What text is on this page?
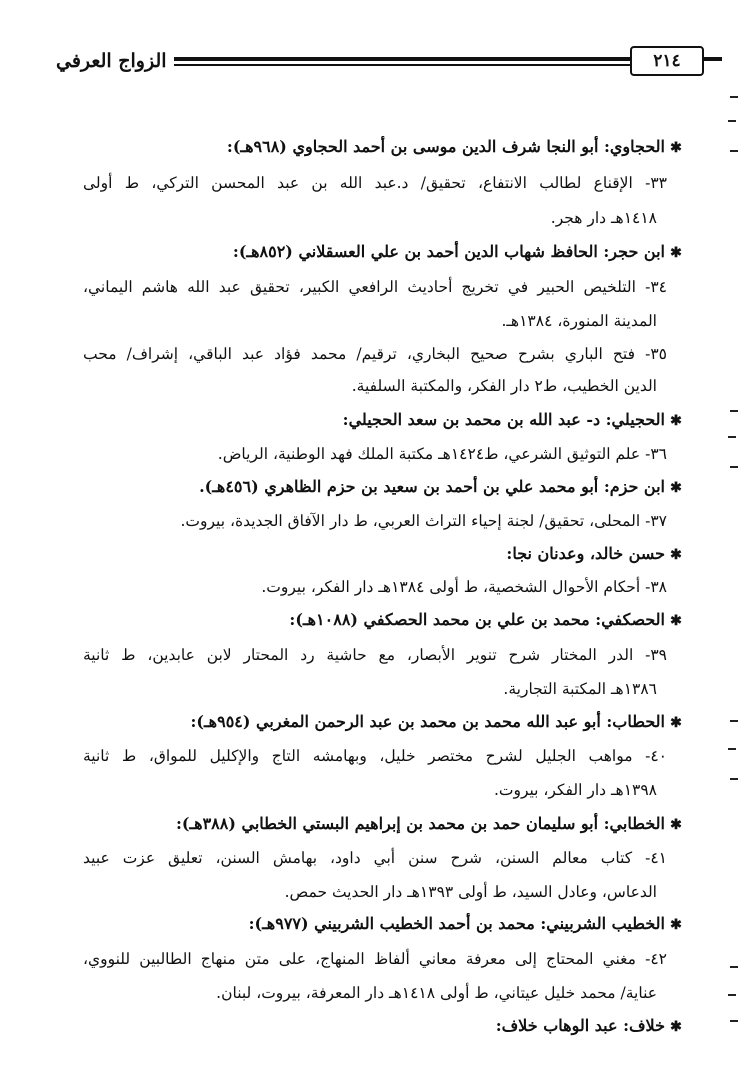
الزواج العرفي	٢١٤
✱الحجاوي: أبو النجا شرف الدين موسى بن أحمد الحجاوي (٩٦٨هـ):
٣٣- الإقناع لطالب الانتفاع، تحقيق/ د.عبد الله بن عبد المحسن التركي، ط أولى
١٤١٨هـ دار هجر.
✱ابن حجر: الحافظ شهاب الدين أحمد بن علي العسقلاني (٨٥٢هـ):
٣٤- التلخيص الحبير في تخريج أحاديث الرافعي الكبير، تحقيق عبد الله هاشم اليماني،
المدينة المنورة، ١٣٨٤هـ.
٣٥- فتح الباري بشرح صحيح البخاري، ترقيم/ محمد فؤاد عبد الباقي، إشراف/ محب
الدين الخطيب، ط٢ دار الفكر، والمكتبة السلفية.
✱الحجيلي: د- عبد الله بن محمد بن سعد الحجيلي:
٣٦- علم التوثيق الشرعي، ط١٤٢٤هـ مكتبة الملك فهد الوطنية، الرياض.
✱ابن حزم: أبو محمد علي بن أحمد بن سعيد بن حزم الظاهري (٤٥٦هـ).
٣٧- المحلى، تحقيق/ لجنة إحياء التراث العربي، ط دار الآفاق الجديدة، بيروت.
✱حسن خالد، وعدنان نجا:
٣٨- أحكام الأحوال الشخصية، ط أولى ١٣٨٤هـ دار الفكر، بيروت.
✱الحصكفي: محمد بن علي بن محمد الحصكفي (١٠٨٨هـ):
٣٩- الدر المختار شرح تنوير الأبصار، مع حاشية رد المحتار لابن عابدين، ط ثانية
١٣٨٦هـ المكتبة التجارية.
✱الحطاب: أبو عبد الله محمد بن محمد بن عبد الرحمن المغربي (٩٥٤هـ):
٤٠- مواهب الجليل لشرح مختصر خليل، وبهامشه التاج والإكليل للمواق، ط ثانية
١٣٩٨هـ دار الفكر، بيروت.
✱الخطابي: أبو سليمان حمد بن محمد بن إبراهيم البستي الخطابي (٣٨٨هـ):
٤١- كتاب معالم السنن، شرح سنن أبي داود، بهامش السنن، تعليق عزت عبيد
الدعاس، وعادل السيد، ط أولى ١٣٩٣هـ دار الحديث حمص.
✱الخطيب الشربيني: محمد بن أحمد الخطيب الشربيني (٩٧٧هـ):
٤٢- مغني المحتاج إلى معرفة معاني ألفاظ المنهاج، على متن منهاج الطالبين للنووي،
عناية/ محمد خليل عيتاني، ط أولى ١٤١٨هـ دار المعرفة، بيروت، لبنان.
✱خلاف: عبد الوهاب خلاف:
